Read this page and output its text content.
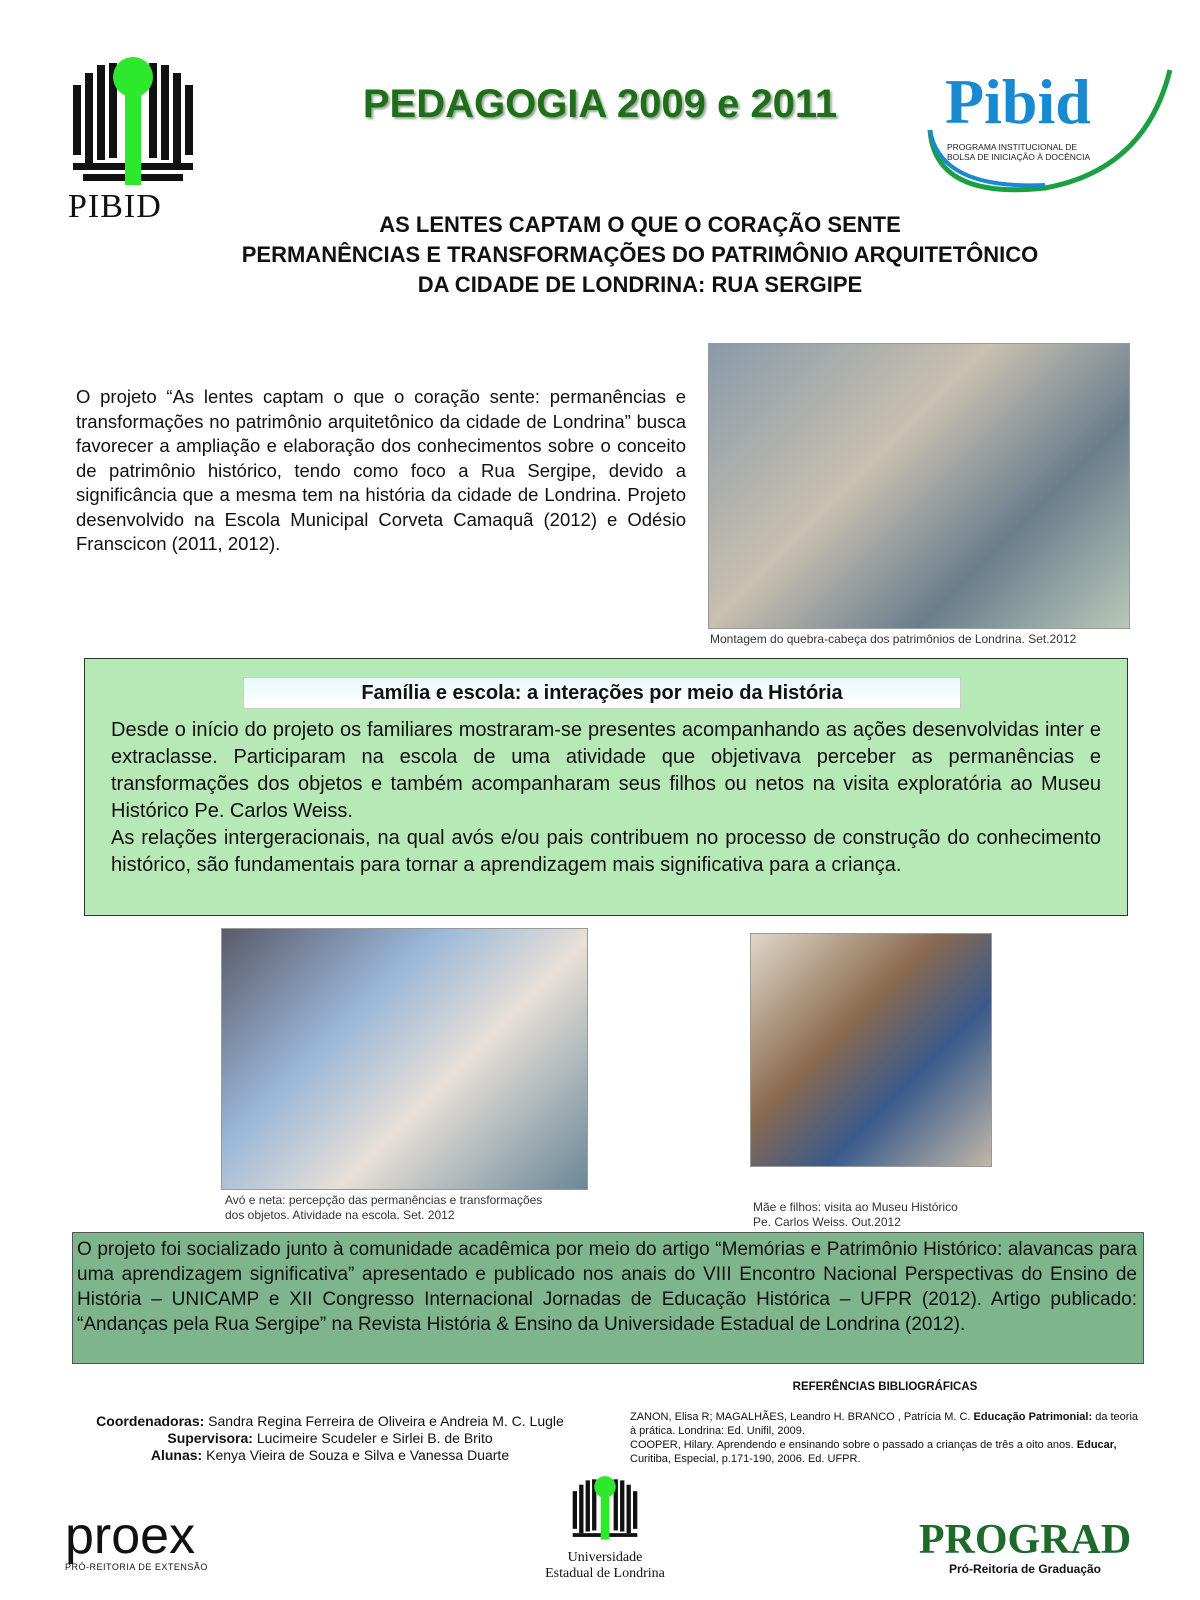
PIBID
PEDAGOGIA 2009 e 2011	Pibid
PROGRAMA INSTITUCIONAL DE
BOLSA DE INICIAÇÃO À DOCÊNCIA
AS LENTES CAPTAM O QUE O CORAÇÃO SENTE
PERMANÊNCIAS E TRANSFORMAÇÕES DO PATRIMÔNIO ARQUITETÔNICO
DA CIDADE DE LONDRINA: RUA SERGIPE
O projeto “As lentes captam o que o coração sente: permanências e transformações no patrimônio arquitetônico da cidade de Londrina” busca favorecer a ampliação e elaboração dos conhecimentos sobre o conceito de patrimônio histórico, tendo como foco a Rua Sergipe, devido a significância que a mesma tem na história da cidade de Londrina. Projeto desenvolvido na Escola Municipal Corveta Camaquã (2012) e Odésio Franscicon (2011, 2012).
Montagem do quebra-cabeça dos patrimônios de Londrina. Set.2012
Família e escola: a interações por meio da História
Desde o início do projeto os familiares mostraram-se presentes acompanhando as ações desenvolvidas inter e extraclasse. Participaram na escola de uma atividade que objetivava perceber as permanências e transformações dos objetos e também acompanharam seus filhos ou netos na visita exploratória ao Museu Histórico Pe. Carlos Weiss.
As relações intergeracionais, na qual avós e/ou pais contribuem no processo de construção do conhecimento histórico, são fundamentais para tornar a aprendizagem mais significativa para a criança.
Avó e neta: percepção das permanências e transformações
dos objetos. Atividade na escola. Set. 2012
Mãe e filhos: visita ao Museu Histórico
Pe. Carlos Weiss. Out.2012
O projeto foi socializado junto à comunidade acadêmica por meio do artigo “Memórias e Patrimônio Histórico: alavancas para uma aprendizagem significativa” apresentado e publicado nos anais do VIII Encontro Nacional Perspectivas do Ensino de História – UNICAMP e XII Congresso Internacional Jornadas de Educação Histórica – UFPR (2012). Artigo publicado: “Andanças pela Rua Sergipe” na Revista História & Ensino da Universidade Estadual de Londrina (2012).
Coordenadoras: Sandra Regina Ferreira de Oliveira e Andreia M. C. Lugle
Supervisora: Lucimeire Scudeler e Sirlei B. de Brito
Alunas: Kenya Vieira de Souza e Silva e Vanessa Duarte
REFERÊNCIAS BIBLIOGRÁFICAS
ZANON, Elisa R; MAGALHÃES, Leandro H. BRANCO , Patrícia M. C. Educação Patrimonial: da teoria à prática. Londrina: Ed. Unifil, 2009.
COOPER, Hilary. Aprendendo e ensinando sobre o passado a crianças de três a oito anos. Educar, Curitiba, Especial, p.171-190, 2006. Ed. UFPR.
proex
PRÓ-REITORIA DE EXTENSÃO
Universidade
Estadual de Londrina
PROGRAD
Pró-Reitoria de Graduação
